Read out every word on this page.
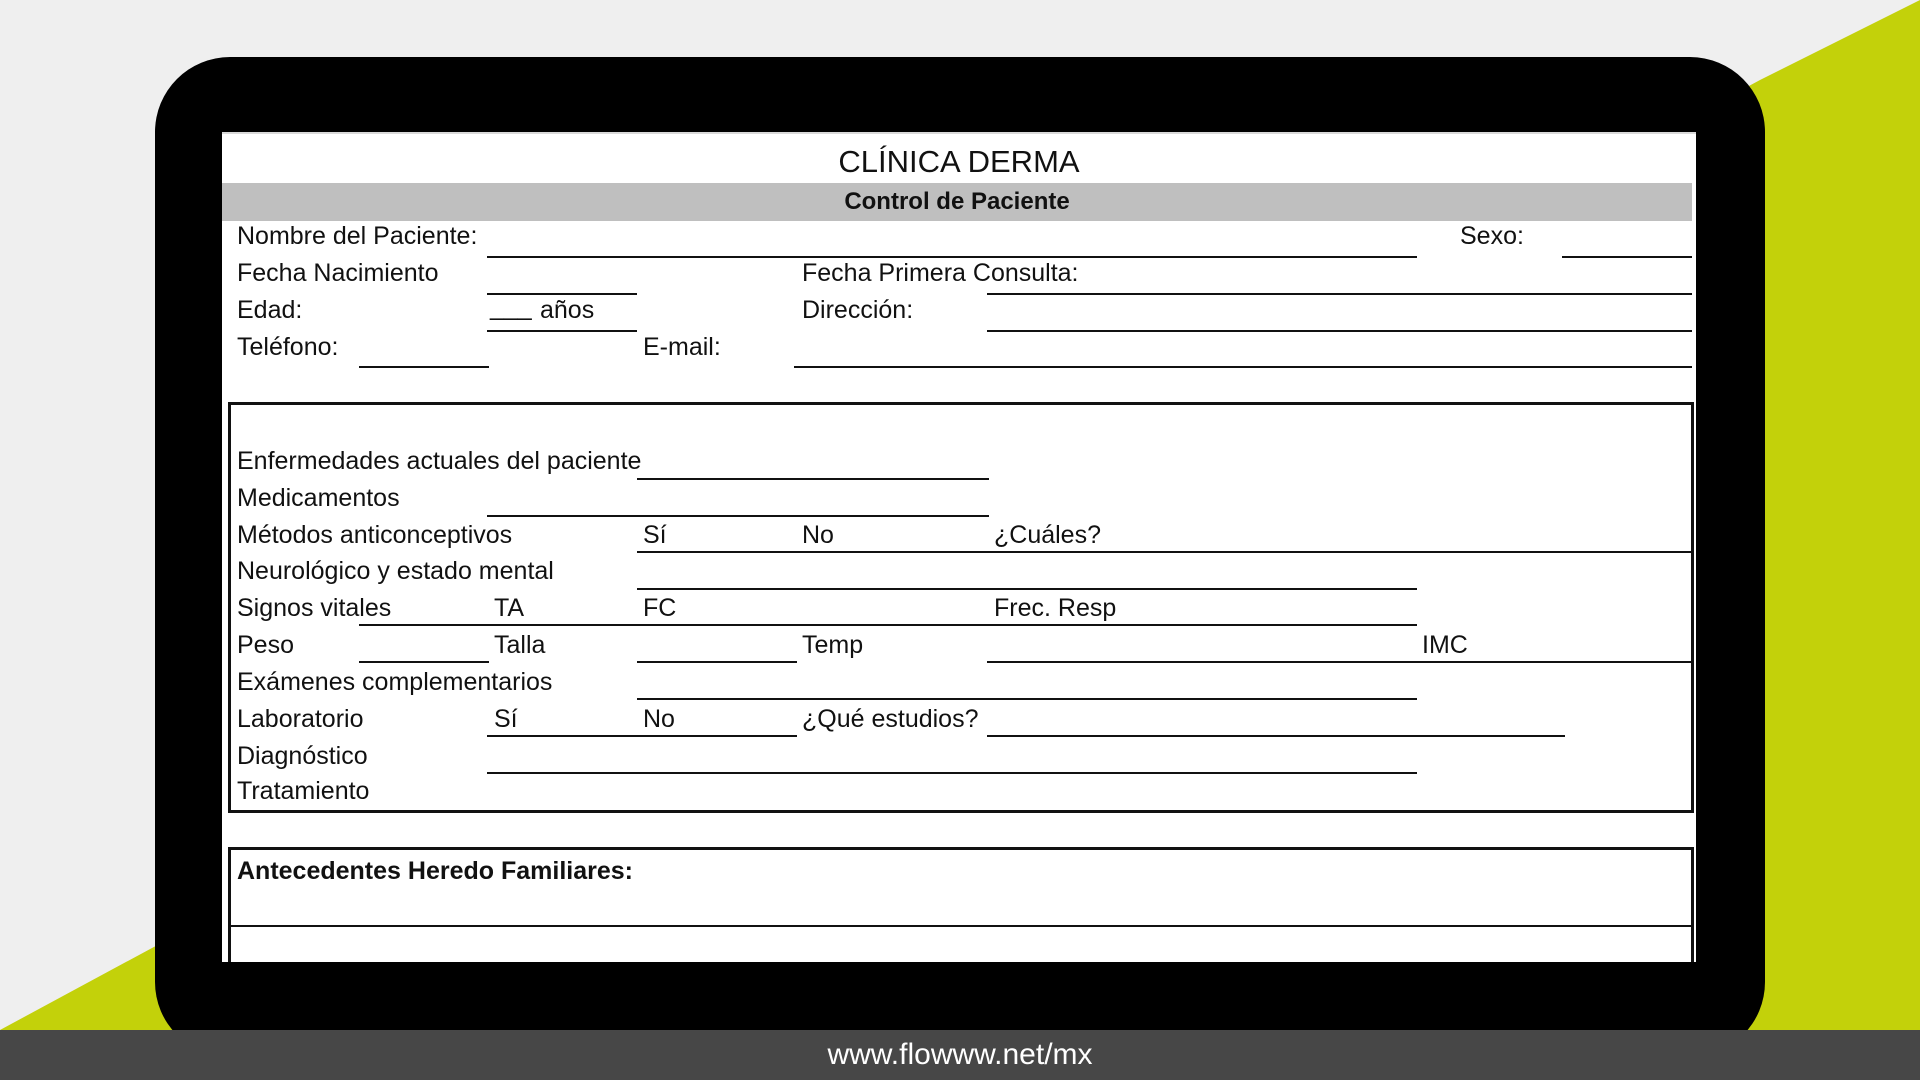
CLÍNICA DERMA
Control de Paciente
Nombre del Paciente:	Sexo:
Fecha Nacimiento	Fecha Primera Consulta:
Edad:	___ años	Dirección:
Teléfono:	E-mail:
Enfermedades actuales del paciente
Medicamentos
Métodos anticonceptivos	Sí	No	¿Cuáles?
Neurológico y estado mental
Signos vitales	TA	FC	Frec. Resp
Peso	Talla	Temp	IMC
Exámenes complementarios
Laboratorio	Sí	No	¿Qué estudios?
Diagnóstico
Tratamiento
Antecedentes Heredo Familiares:
www.flowww.net/mx
